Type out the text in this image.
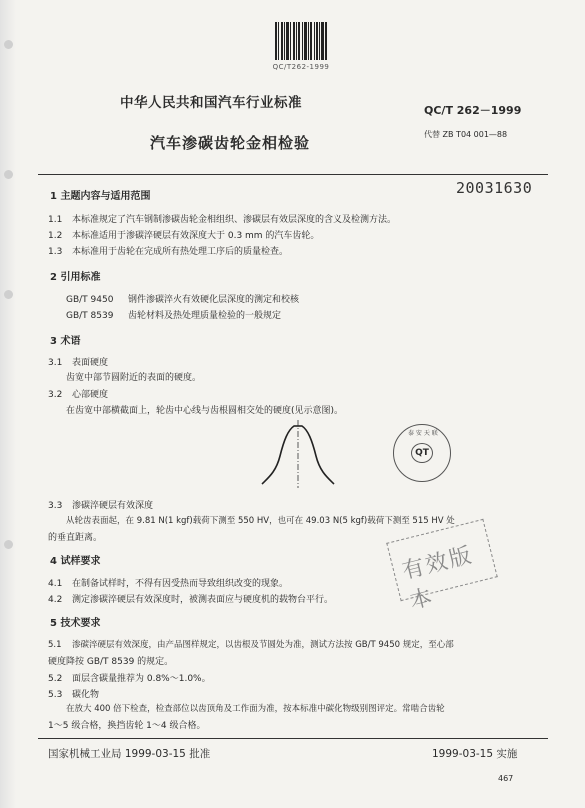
QC/T262-1999
中华人民共和国汽车行业标准	QC/T 262－1999
汽车渗碳齿轮金相检验	代替 ZB T04 001—88
20031630
1 主题内容与适用范围
1.1 本标准规定了汽车钢制渗碳齿轮金相组织、渗碳层有效层深度的含义及检测方法。
1.2 本标准适用于渗碳淬硬层有效深度大于 0.3 mm 的汽车齿轮。
1.3 本标准用于齿轮在完成所有热处理工序后的质量检查。
2 引用标准
GB/T 9450 钢件渗碳淬火有效硬化层深度的测定和校核
GB/T 8539 齿轮材料及热处理质量检验的一般规定
3 术语
3.1 表面硬度
齿宽中部节圆附近的表面的硬度。
3.2 心部硬度
在齿宽中部横截面上，轮齿中心线与齿根圆相交处的硬度(见示意图)。
泰 安 天 联
QT
3.3 渗碳淬硬层有效深度
从轮齿表面起，在 9.81 N(1 kgf)载荷下测至 550 HV，也可在 49.03 N(5 kgf)载荷下测至 515 HV 处
的垂直距离。
有效版本
4 试样要求
4.1 在制备试样时，不得有因受热而导致组织改变的现象。
4.2 测定渗碳淬硬层有效深度时，被测表面应与硬度机的载物台平行。
5 技术要求
5.1 渗碳淬硬层有效深度，由产品图样规定，以齿根及节圆处为准，测试方法按 GB/T 9450 规定，至心部
硬度降按 GB/T 8539 的规定。
5.2 面层含碳量推荐为 0.8%～1.0%。
5.3 碳化物
在放大 400 倍下检查，检查部位以齿顶角及工作面为准，按本标准中碳化物级别图评定。常啮合齿轮
1～5 级合格，换挡齿轮 1～4 级合格。
国家机械工业局 1999-03-15 批准	1999-03-15 实施
467
